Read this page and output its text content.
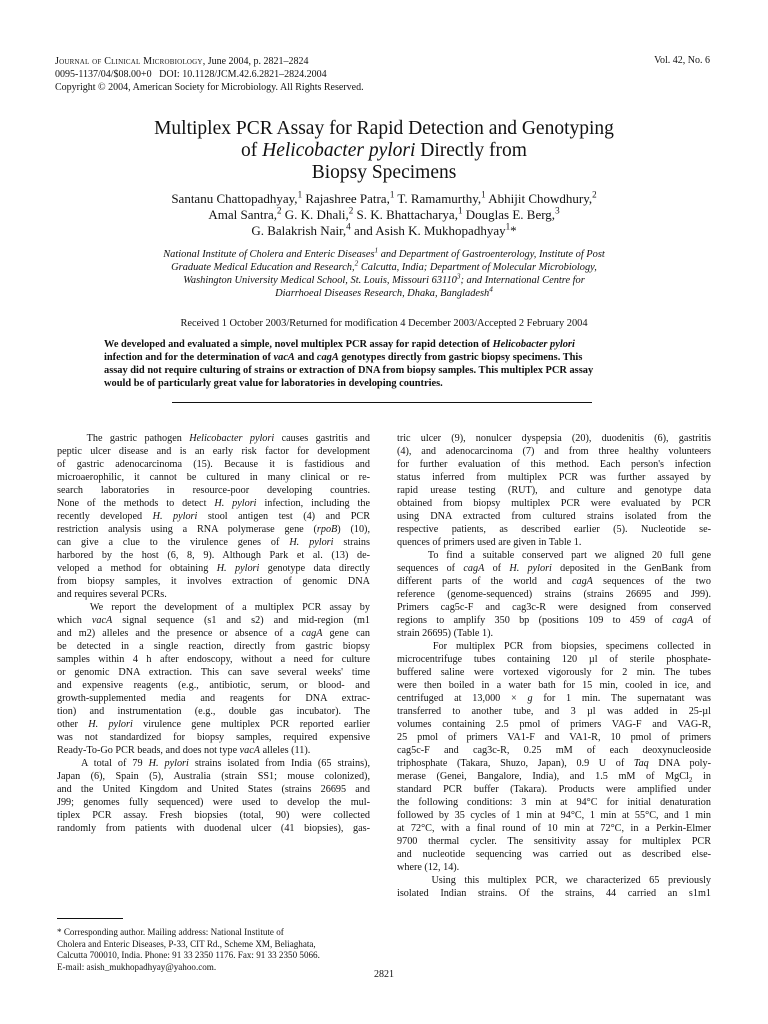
Journal of Clinical Microbiology, June 2004, p. 2821–2824
0095-1137/04/$08.00+0 DOI: 10.1128/JCM.42.6.2821–2824.2004
Copyright © 2004, American Society for Microbiology. All Rights Reserved.
Vol. 42, No. 6
Multiplex PCR Assay for Rapid Detection and Genotyping
of Helicobacter pylori Directly from
Biopsy Specimens
Santanu Chattopadhyay,$^1$ Rajashree Patra,$^1$ T. Ramamurthy,$^1$ Abhijit Chowdhury,$^2$
Amal Santra,$^2$ G. K. Dhali,$^2$ S. K. Bhattacharya,$^1$ Douglas E. Berg,$^3$
G. Balakrish Nair,$^4$ and Asish K. Mukhopadhyay$^1$*
National Institute of Cholera and Enteric Diseases$^1$ and Department of Gastroenterology, Institute of Post
Graduate Medical Education and Research,$^2$ Calcutta, India; Department of Molecular Microbiology,
Washington University Medical School, St. Louis, Missouri 63110$^3$; and International Centre for
Diarrhoeal Diseases Research, Dhaka, Bangladesh$^4$
Received 1 October 2003/Returned for modification 4 December 2003/Accepted 2 February 2004
We developed and evaluated a simple, novel multiplex PCR assay for rapid detection of Helicobacter pylori
infection and for the determination of vacA and cagA genotypes directly from gastric biopsy specimens. This
assay did not require culturing of strains or extraction of DNA from biopsy samples. This multiplex PCR assay
would be of particularly great value for laboratories in developing countries.
The gastric pathogen Helicobacter pylori causes gastritis and
peptic ulcer disease and is an early risk factor for development
of gastric adenocarcinoma (15). Because it is fastidious and
microaerophilic, it cannot be cultured in many clinical or re-
search laboratories in resource-poor developing countries.
None of the methods to detect H. pylori infection, including the
recently developed H. pylori stool antigen test (4) and PCR
restriction analysis using a RNA polymerase gene (rpoB) (10),
can give a clue to the virulence genes of H. pylori strains
harbored by the host (6, 8, 9). Although Park et al. (13) de-
veloped a method for obtaining H. pylori genotype data directly
from biopsy samples, it involves extraction of genomic DNA
and requires several PCRs.
We report the development of a multiplex PCR assay by
which vacA signal sequence (s1 and s2) and mid-region (m1
and m2) alleles and the presence or absence of a cagA gene can
be detected in a single reaction, directly from gastric biopsy
samples within 4 h after endoscopy, without a need for culture
or genomic DNA extraction. This can save several weeks' time
and expensive reagents (e.g., antibiotic, serum, or blood- and
growth-supplemented media and reagents for DNA extrac-
tion) and instrumentation (e.g., double gas incubator). The
other H. pylori virulence gene multiplex PCR reported earlier
was not standardized for biopsy samples, required expensive
Ready-To-Go PCR beads, and does not type vacA alleles (11).
A total of 79 H. pylori strains isolated from India (65 strains),
Japan (6), Spain (5), Australia (strain SS1; mouse colonized),
and the United Kingdom and United States (strains 26695 and
J99; genomes fully sequenced) were used to develop the mul-
tiplex PCR assay. Fresh biopsies (total, 90) were collected
randomly from patients with duodenal ulcer (41 biopsies), gas-
tric ulcer (9), nonulcer dyspepsia (20), duodenitis (6), gastritis
(4), and adenocarcinoma (7) and from three healthy volunteers
for further evaluation of this method. Each person's infection
status inferred from multiplex PCR was further assayed by
rapid urease testing (RUT), and culture and genotype data
obtained from biopsy multiplex PCR were evaluated by PCR
using DNA extracted from cultured strains isolated from the
respective patients, as described earlier (5). Nucleotide se-
quences of primers used are given in Table 1.
To find a suitable conserved part we aligned 20 full gene
sequences of cagA of H. pylori deposited in the GenBank from
different parts of the world and cagA sequences of the two
reference (genome-sequenced) strains (strains 26695 and J99).
Primers cag5c-F and cag3c-R were designed from conserved
regions to amplify 350 bp (positions 109 to 459 of cagA of
strain 26695) (Table 1).
For multiplex PCR from biopsies, specimens collected in
microcentrifuge tubes containing 120 µl of sterile phosphate-
buffered saline were vortexed vigorously for 2 min. The tubes
were then boiled in a water bath for 15 min, cooled in ice, and
centrifuged at 13,000 × g for 1 min. The supernatant was
transferred to another tube, and 3 µl was added in 25-µl
volumes containing 2.5 pmol of primers VAG-F and VAG-R,
25 pmol of primers VA1-F and VA1-R, 10 pmol of primers
cag5c-F and cag3c-R, 0.25 mM of each deoxynucleoside
triphosphate (Takara, Shuzo, Japan), 0.9 U of Taq DNA poly-
merase (Genei, Bangalore, India), and 1.5 mM of MgCl$_2$ in
standard PCR buffer (Takara). Products were amplified under
the following conditions: 3 min at 94°C for initial denaturation
followed by 35 cycles of 1 min at 94°C, 1 min at 55°C, and 1 min
at 72°C, with a final round of 10 min at 72°C, in a Perkin-Elmer
9700 thermal cycler. The sensitivity assay for multiplex PCR
and nucleotide sequencing was carried out as described else-
where (12, 14).
Using this multiplex PCR, we characterized 65 previously
isolated Indian strains. Of the strains, 44 carried an s1m1
* Corresponding author. Mailing address: National Institute of
Cholera and Enteric Diseases, P-33, CIT Rd., Scheme XM, Beliaghata,
Calcutta 700010, India. Phone: 91 33 2350 1176. Fax: 91 33 2350 5066.
E-mail: asish_mukhopadhyay@yahoo.com.
2821
